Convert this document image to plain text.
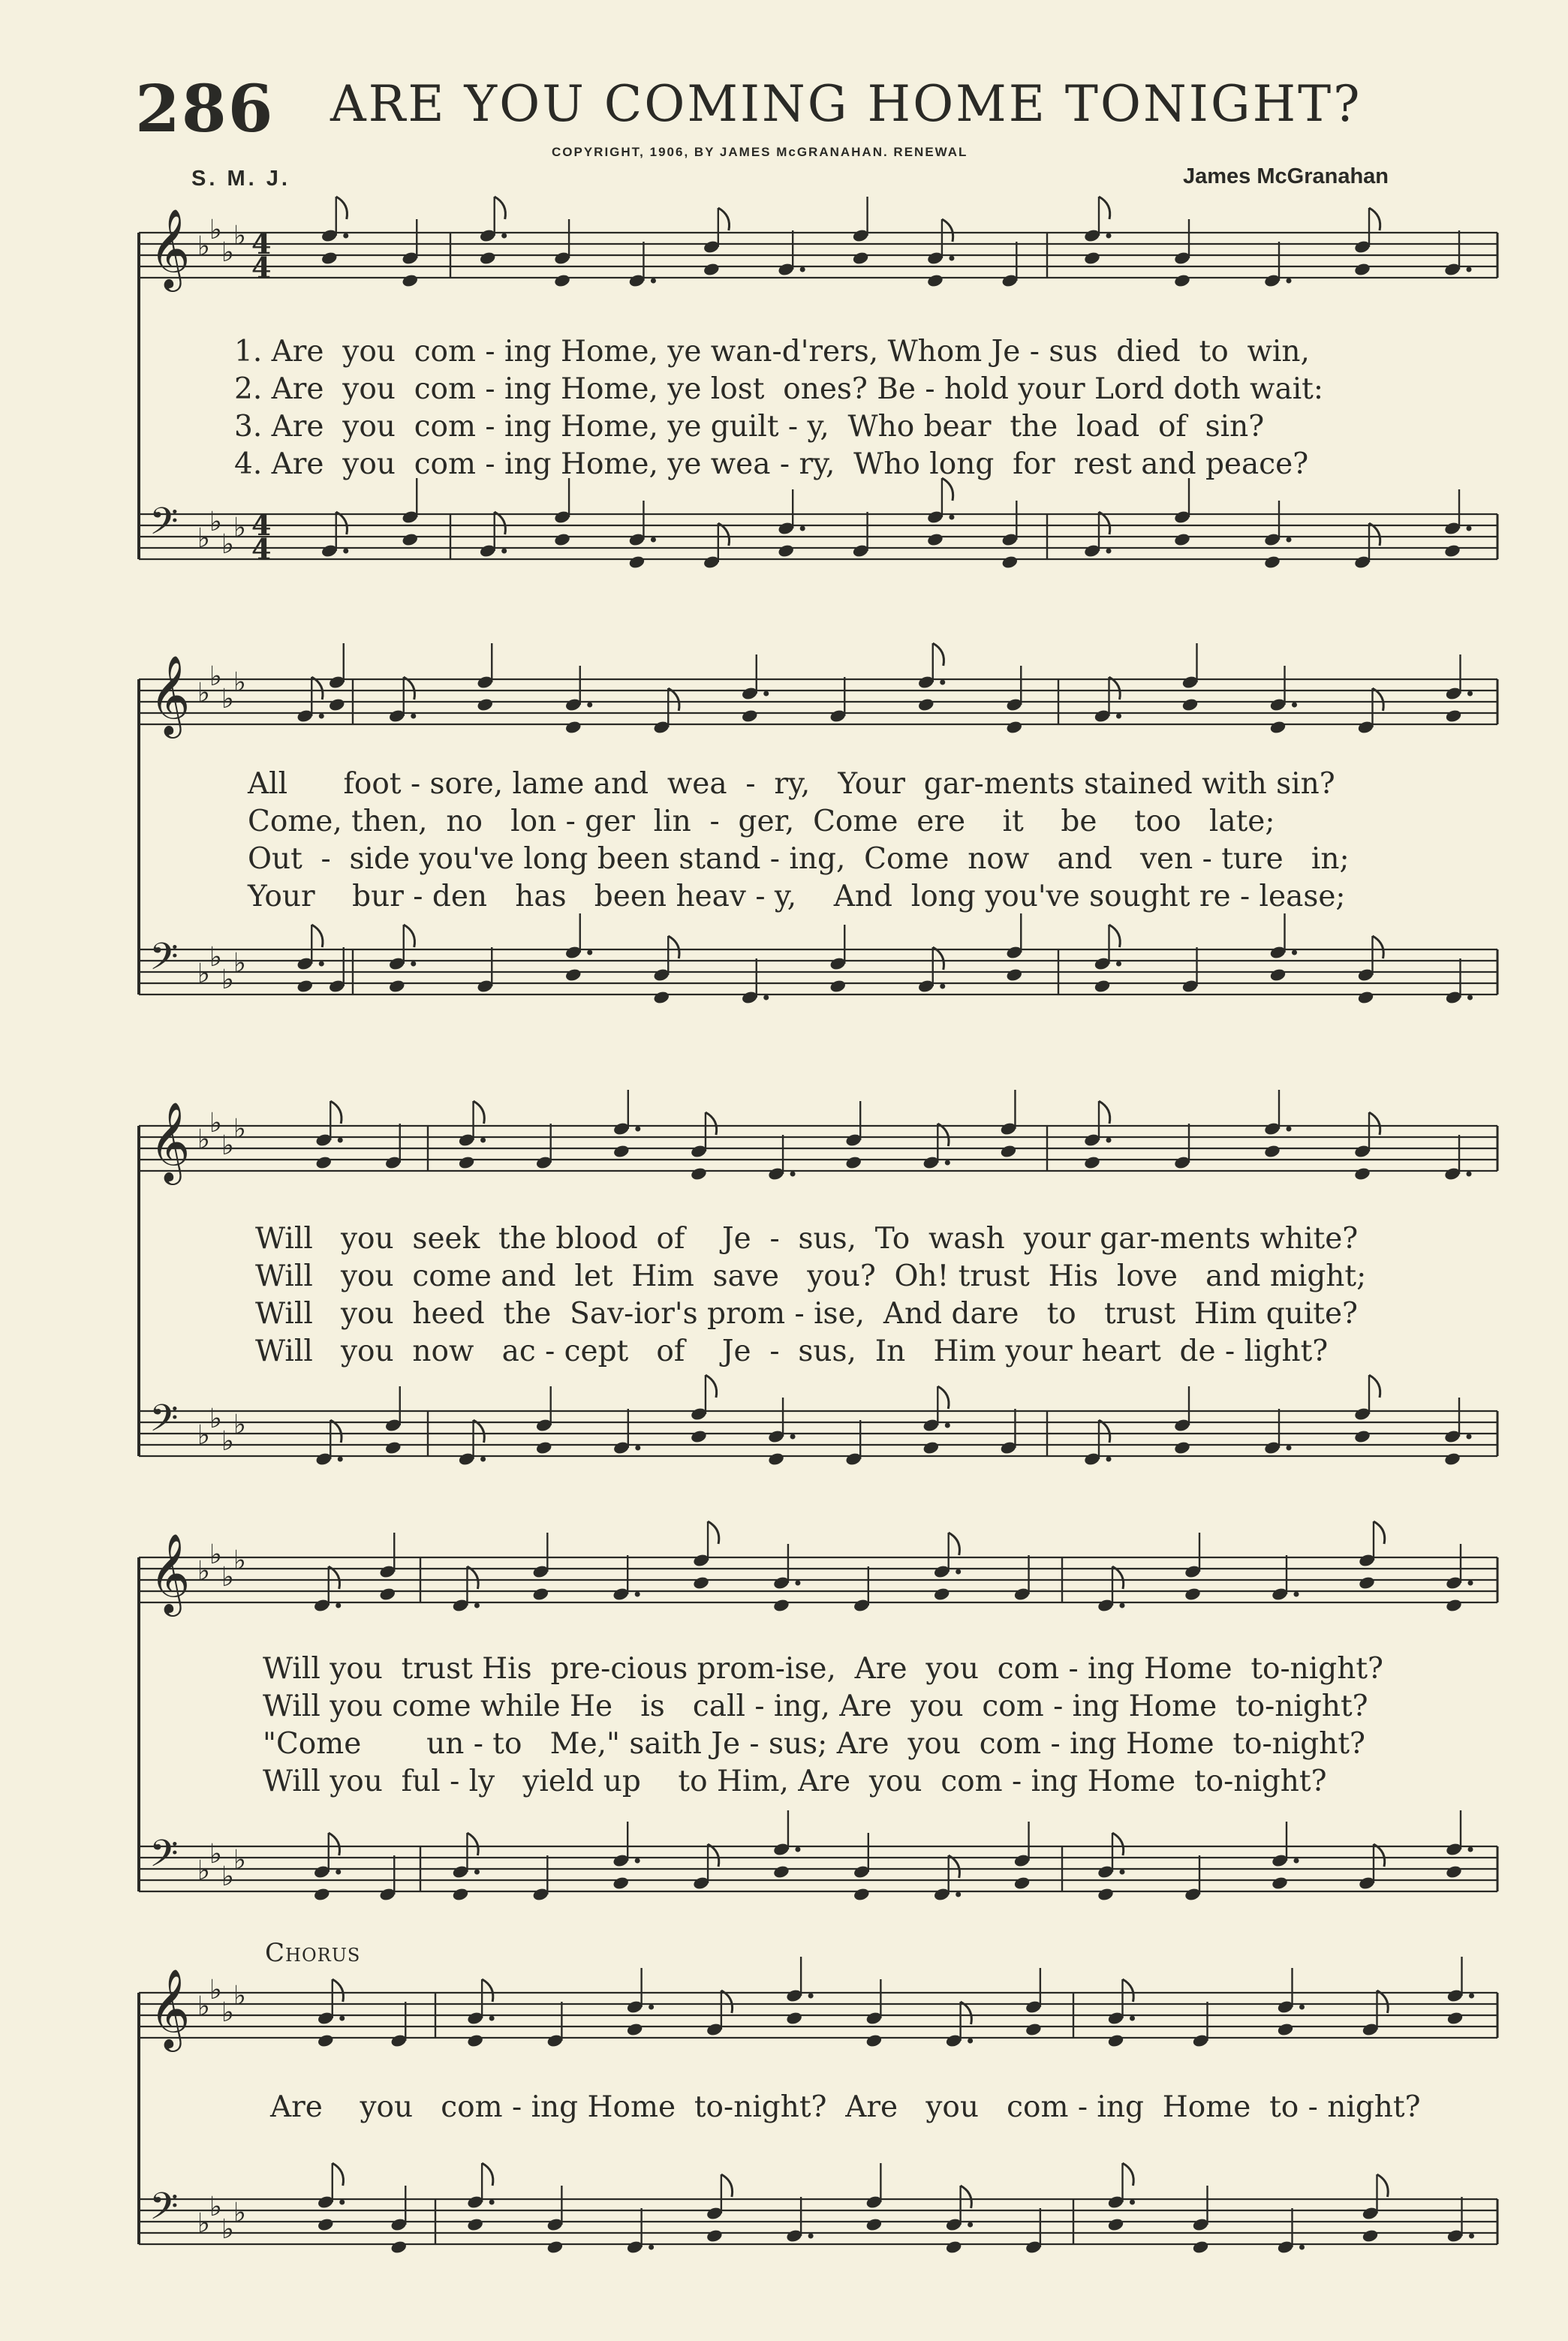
286 ARE YOU COMING HOME TONIGHT?
COPYRIGHT, 1906, BY JAMES McGRANAHAN. RENEWAL
S. M. J.	James McGranahan
Chorus
𝄞 ♭
♭
♭
♭ 4
4
𝄢 ♭
♭
♭
♭ 4
4
𝄞 ♭
♭
♭
♭
𝄢 ♭
♭
♭
♭
𝄞 ♭
♭
♭
♭
𝄢 ♭
♭
♭
♭
𝄞 ♭
♭
♭
♭
𝄢 ♭
♭
♭
♭
𝄞 ♭
♭
♭
♭
𝄢 ♭
♭
♭
♭
1. Are  you  com - ing Home, ye wan-d'rers, Whom Je - sus  died  to  win,
2. Are  you  com - ing Home, ye lost  ones? Be - hold your Lord doth wait:
3. Are  you  com - ing Home, ye guilt - y,  Who bear  the  load  of  sin?
4. Are  you  com - ing Home, ye wea - ry,  Who long  for  rest and peace?
All      foot - sore, lame and  wea  -  ry,   Your  gar-ments stained with sin?
Come, then,  no   lon - ger  lin  -  ger,  Come  ere    it    be    too   late;
Out  -  side you've long been stand - ing,  Come  now   and   ven - ture   in;
Your    bur - den   has   been heav - y,    And  long you've sought re - lease;
Will   you  seek  the blood  of    Je  -  sus,  To  wash  your gar-ments white?
Will   you  come and  let  Him  save   you?  Oh! trust  His  love   and might;
Will   you  heed  the  Sav-ior's prom - ise,  And dare   to   trust  Him quite?
Will   you  now   ac - cept   of    Je  -  sus,  In   Him your heart  de - light?
Will you  trust His  pre-cious prom-ise,  Are  you  com - ing Home  to-night?
Will you come while He   is   call - ing, Are  you  com - ing Home  to-night?
"Come       un - to   Me," saith Je - sus; Are  you  com - ing Home  to-night?
Will you  ful - ly   yield up    to Him, Are  you  com - ing Home  to-night?
Are    you   com - ing Home  to-night?  Are   you   com - ing  Home  to - night?
